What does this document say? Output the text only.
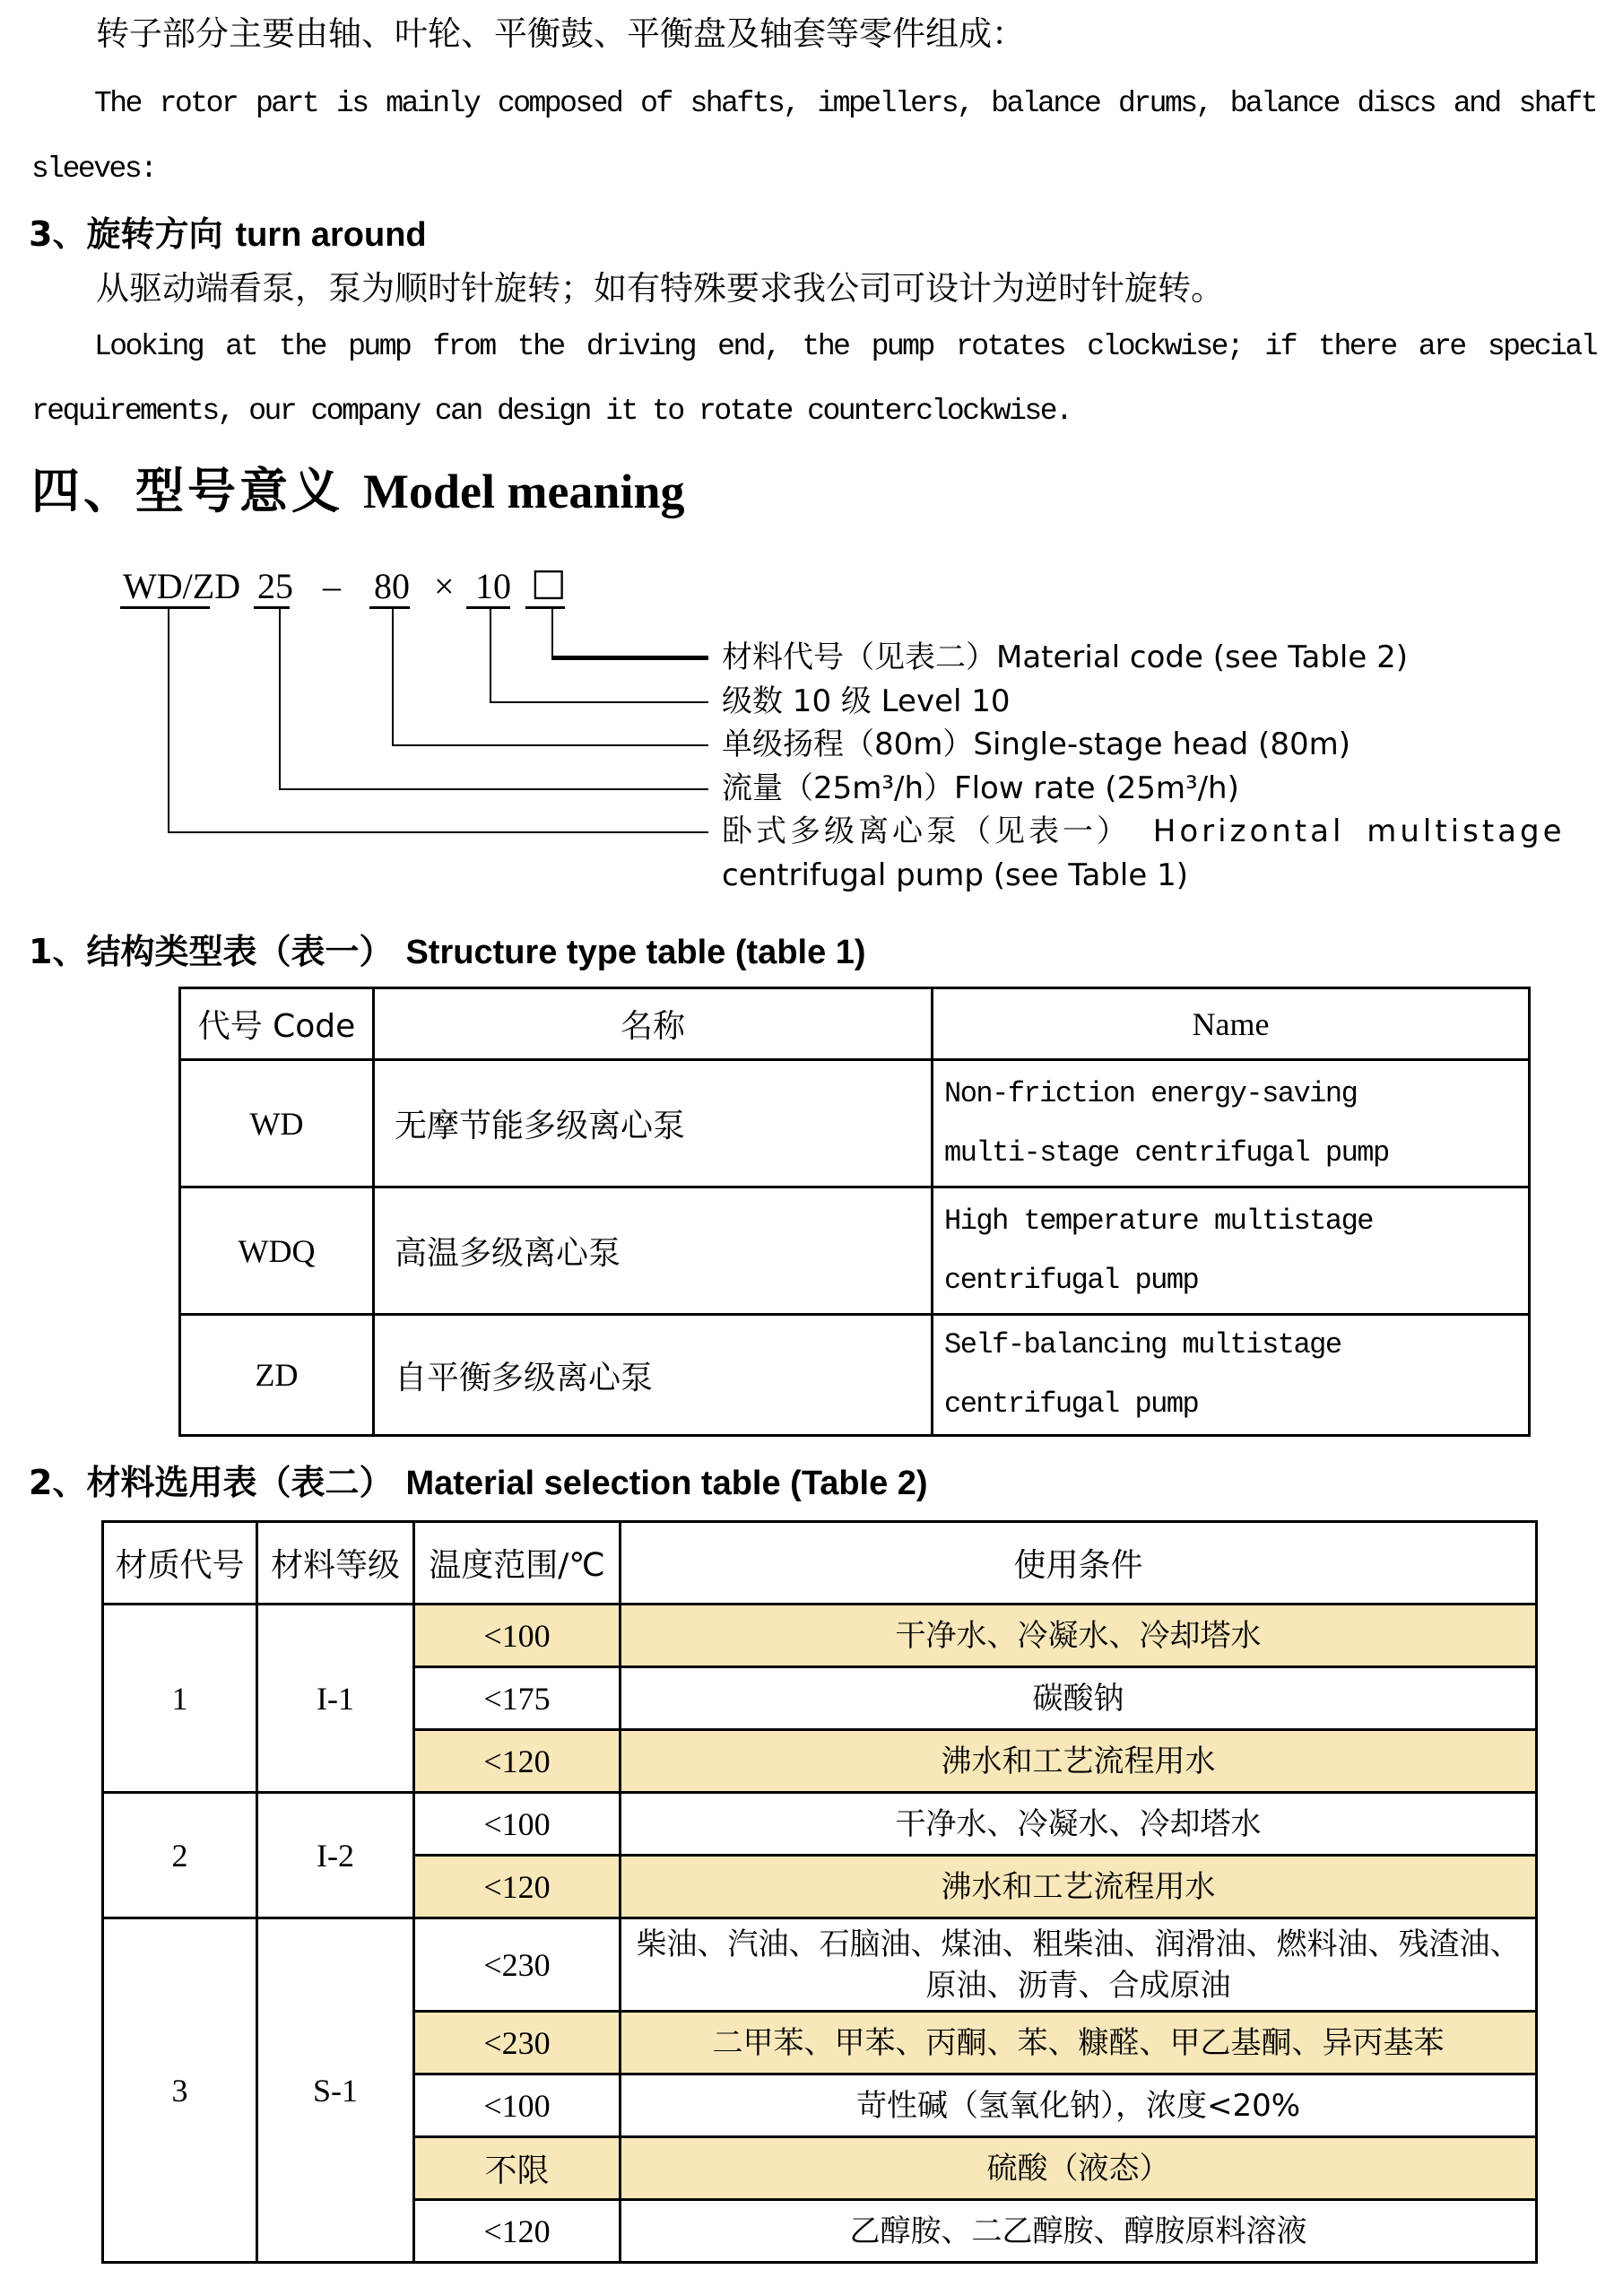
转子部分主要由轴、叶轮、平衡鼓、平衡盘及轴套等零件组成：
The rotor part is mainly composed of shafts, impellers, balance drums, balance discs and shaft
sleeves:
3、旋转方向 turn around
从驱动端看泵，泵为顺时针旋转；如有特殊要求我公司可设计为逆时针旋转。
Looking at the pump from the driving end, the pump rotates clockwise; if there are special
requirements, our company can design it to rotate counterclockwise.
四、型号意义 Model meaning
WD/ZD 25 – 80 × 10 □
材料代号（见表二）Material code (see Table 2)
级数 10 级 Level 10
单级扬程（80m）Single-stage head (80m)
流量（25m³/h）Flow rate (25m³/h)
卧式多级离心泵（见表一） Horizontal multistage
centrifugal pump (see Table 1)
1、结构类型表（表一） Structure type table (table 1)
代号 Code	名称	Name
WD	无摩节能多级离心泵	Non-friction energy-saving
multi-stage centrifugal pump

WDQ	高温多级离心泵	High temperature multistage
centrifugal pump

ZD	自平衡多级离心泵	Self-balancing multistage
centrifugal pump
2、材料选用表（表二） Material selection table (Table 2)
材质代号	材料等级	温度范围/℃	使用条件
1	I-1	<100	干净水、冷凝水、冷却塔水
		<175	碳酸钠
		<120	沸水和工艺流程用水
2	I-2	<100	干净水、冷凝水、冷却塔水
		<120	沸水和工艺流程用水
3	S-1	<230	柴油、汽油、石脑油、煤油、粗柴油、润滑油、燃料油、残渣油、原油、沥青、合成原油
		<230	二甲苯、甲苯、丙酮、苯、糠醛、甲乙基酮、异丙基苯
		<100	苛性碱（氢氧化钠），浓度<20%
		不限	硫酸（液态）
		<120	乙醇胺、二乙醇胺、醇胺原料溶液
